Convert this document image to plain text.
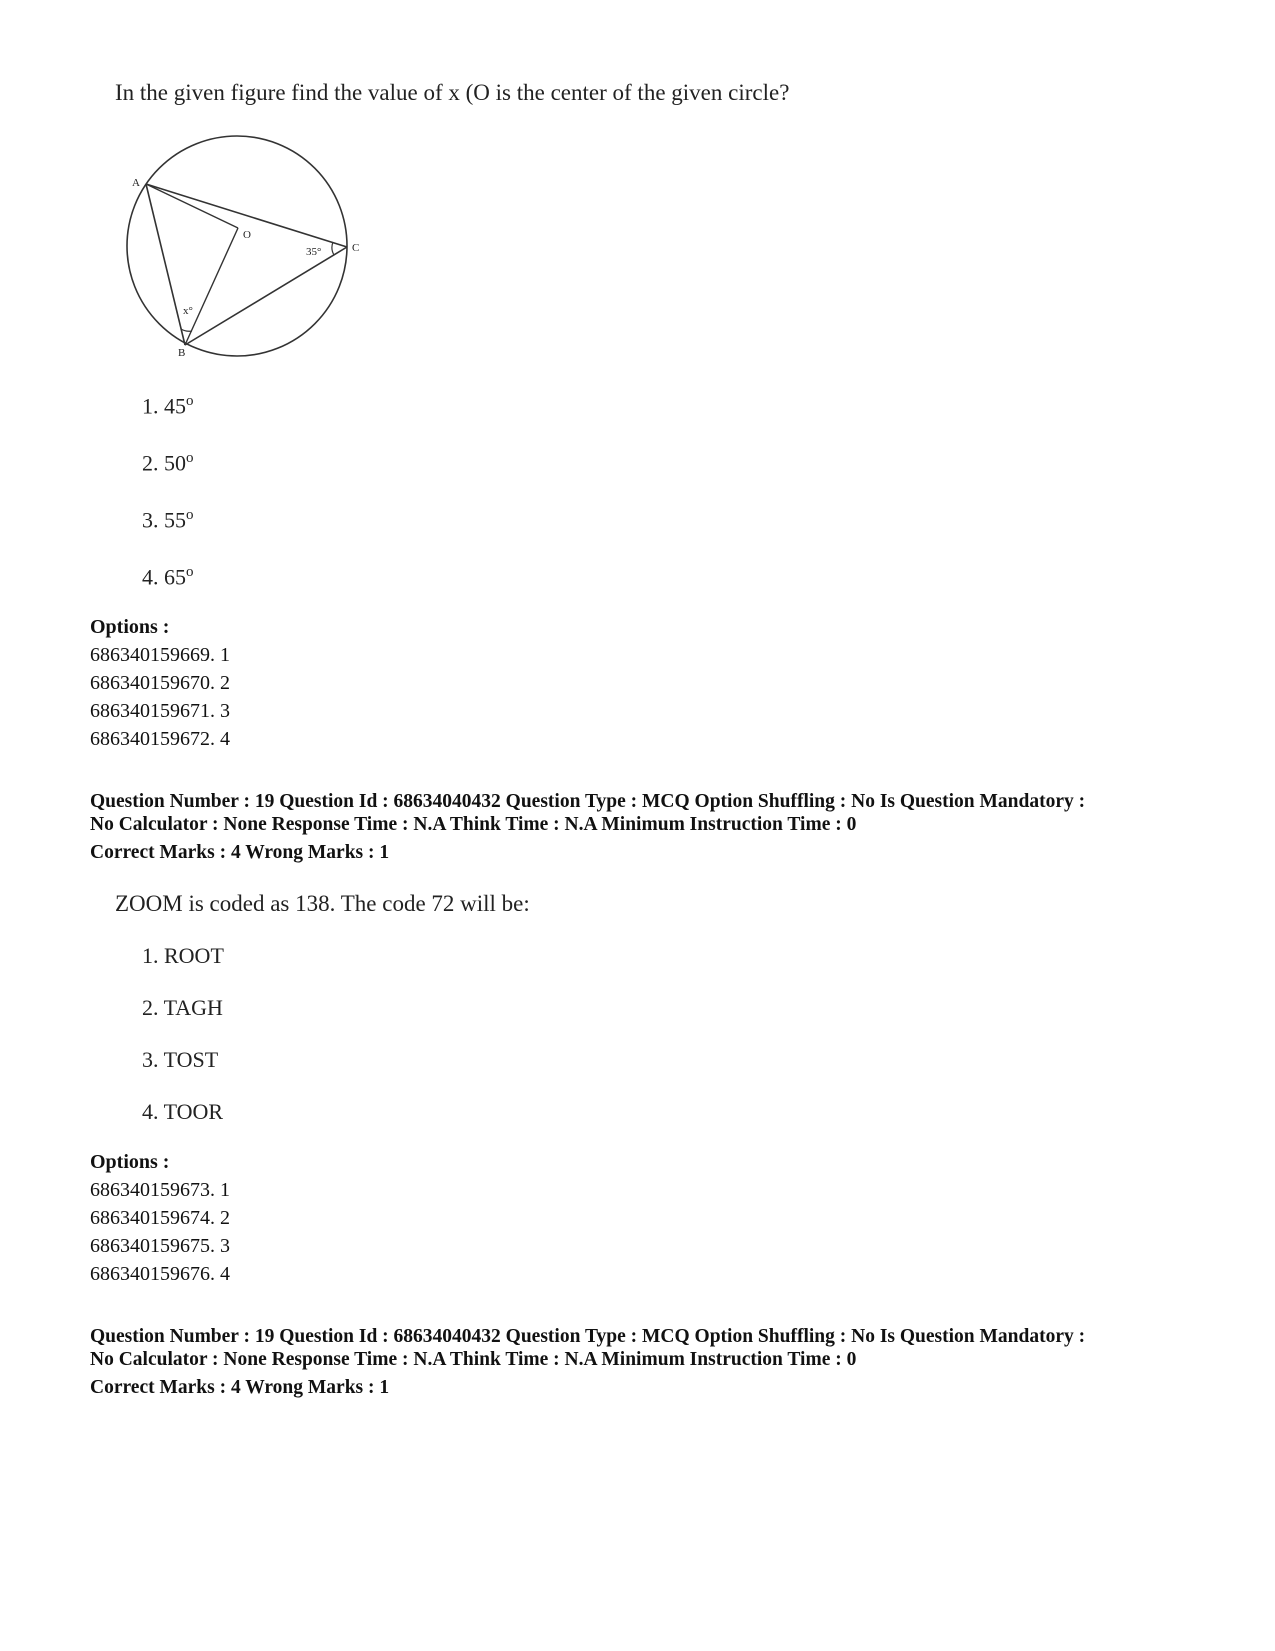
In the given figure find the value of x (O is the center of the given circle?
A
B
C
O
35°
x°
1. 45$^o$
2. 50$^o$
3. 55$^o$
4. 65$^o$
Options :
686340159669. 1
686340159670. 2
686340159671. 3
686340159672. 4
Question Number : 19 Question Id : 68634040432 Question Type : MCQ Option Shuffling : No Is Question Mandatory :
No Calculator : None Response Time : N.A Think Time : N.A Minimum Instruction Time : 0
Correct Marks : 4 Wrong Marks : 1
ZOOM is coded as 138. The code 72 will be:
1. ROOT
2. TAGH
3. TOST
4. TOOR
Options :
686340159673. 1
686340159674. 2
686340159675. 3
686340159676. 4
Question Number : 19 Question Id : 68634040432 Question Type : MCQ Option Shuffling : No Is Question Mandatory :
No Calculator : None Response Time : N.A Think Time : N.A Minimum Instruction Time : 0
Correct Marks : 4 Wrong Marks : 1
